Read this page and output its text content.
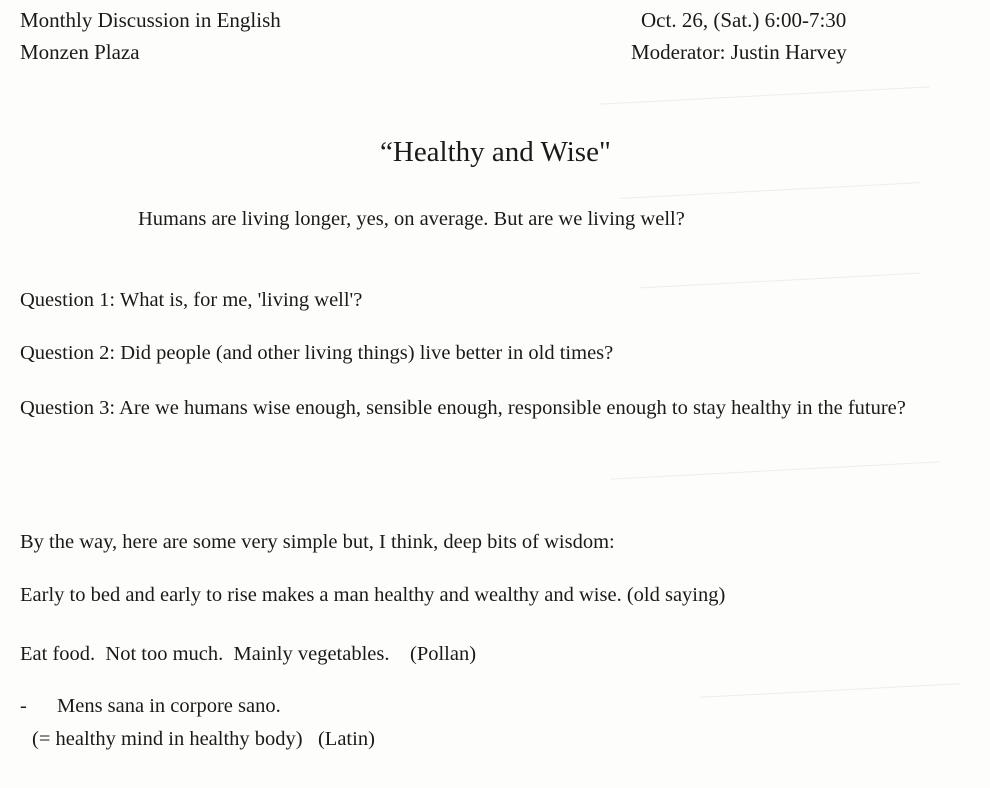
Monthly Discussion in English
Monzen Plaza
Oct. 26, (Sat.) 6:00-7:30
Moderator: Justin Harvey
“Healthy and Wise"
Humans are living longer, yes, on average. But are we living well?
Question 1: What is, for me, 'living well'?
Question 2: Did people (and other living things) live better in old times?
Question 3: Are we humans wise enough, sensible enough, responsible enough to stay healthy in the future?
By the way, here are some very simple but, I think, deep bits of wisdom:
Early to bed and early to rise makes a man healthy and wealthy and wise. (old saying)
Eat food.  Not too much.  Mainly vegetables.    (Pollan)
- Mens sana in corpore sano.
(= healthy mind in healthy body)   (Latin)
